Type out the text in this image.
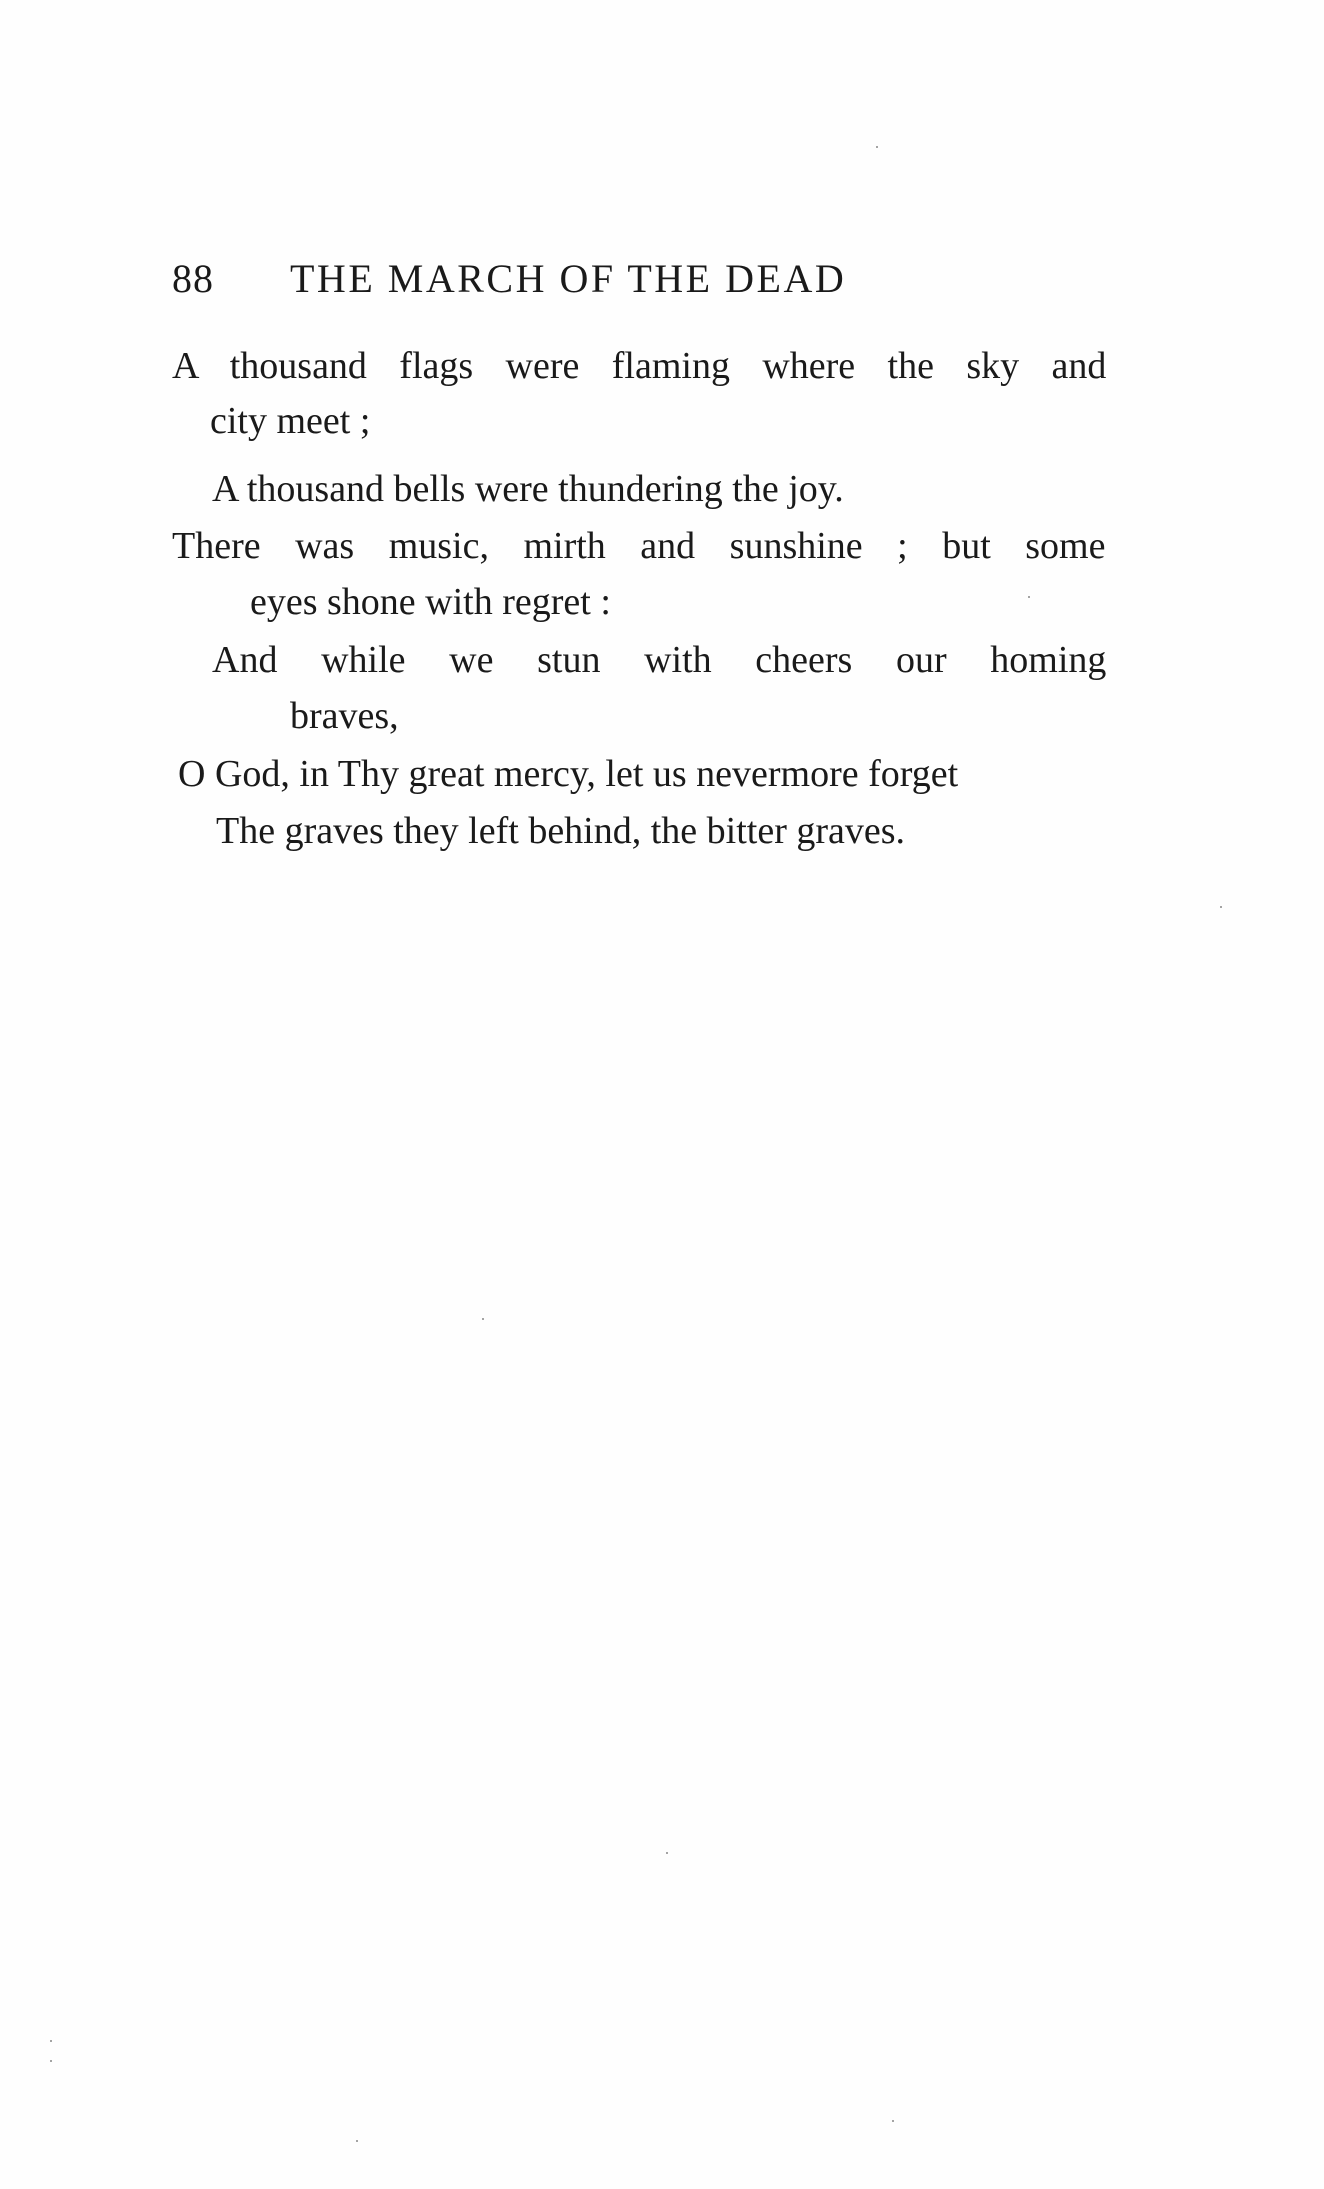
88	THE MARCH OF THE DEAD
A thousand flags were flaming where the sky and
city meet ;
A thousand bells were thundering the joy.
There was music, mirth and sunshine ; but some
eyes shone with regret :
And while we stun with cheers our homing
braves,
O God, in Thy great mercy, let us nevermore forget
The graves they left behind, the bitter graves.
